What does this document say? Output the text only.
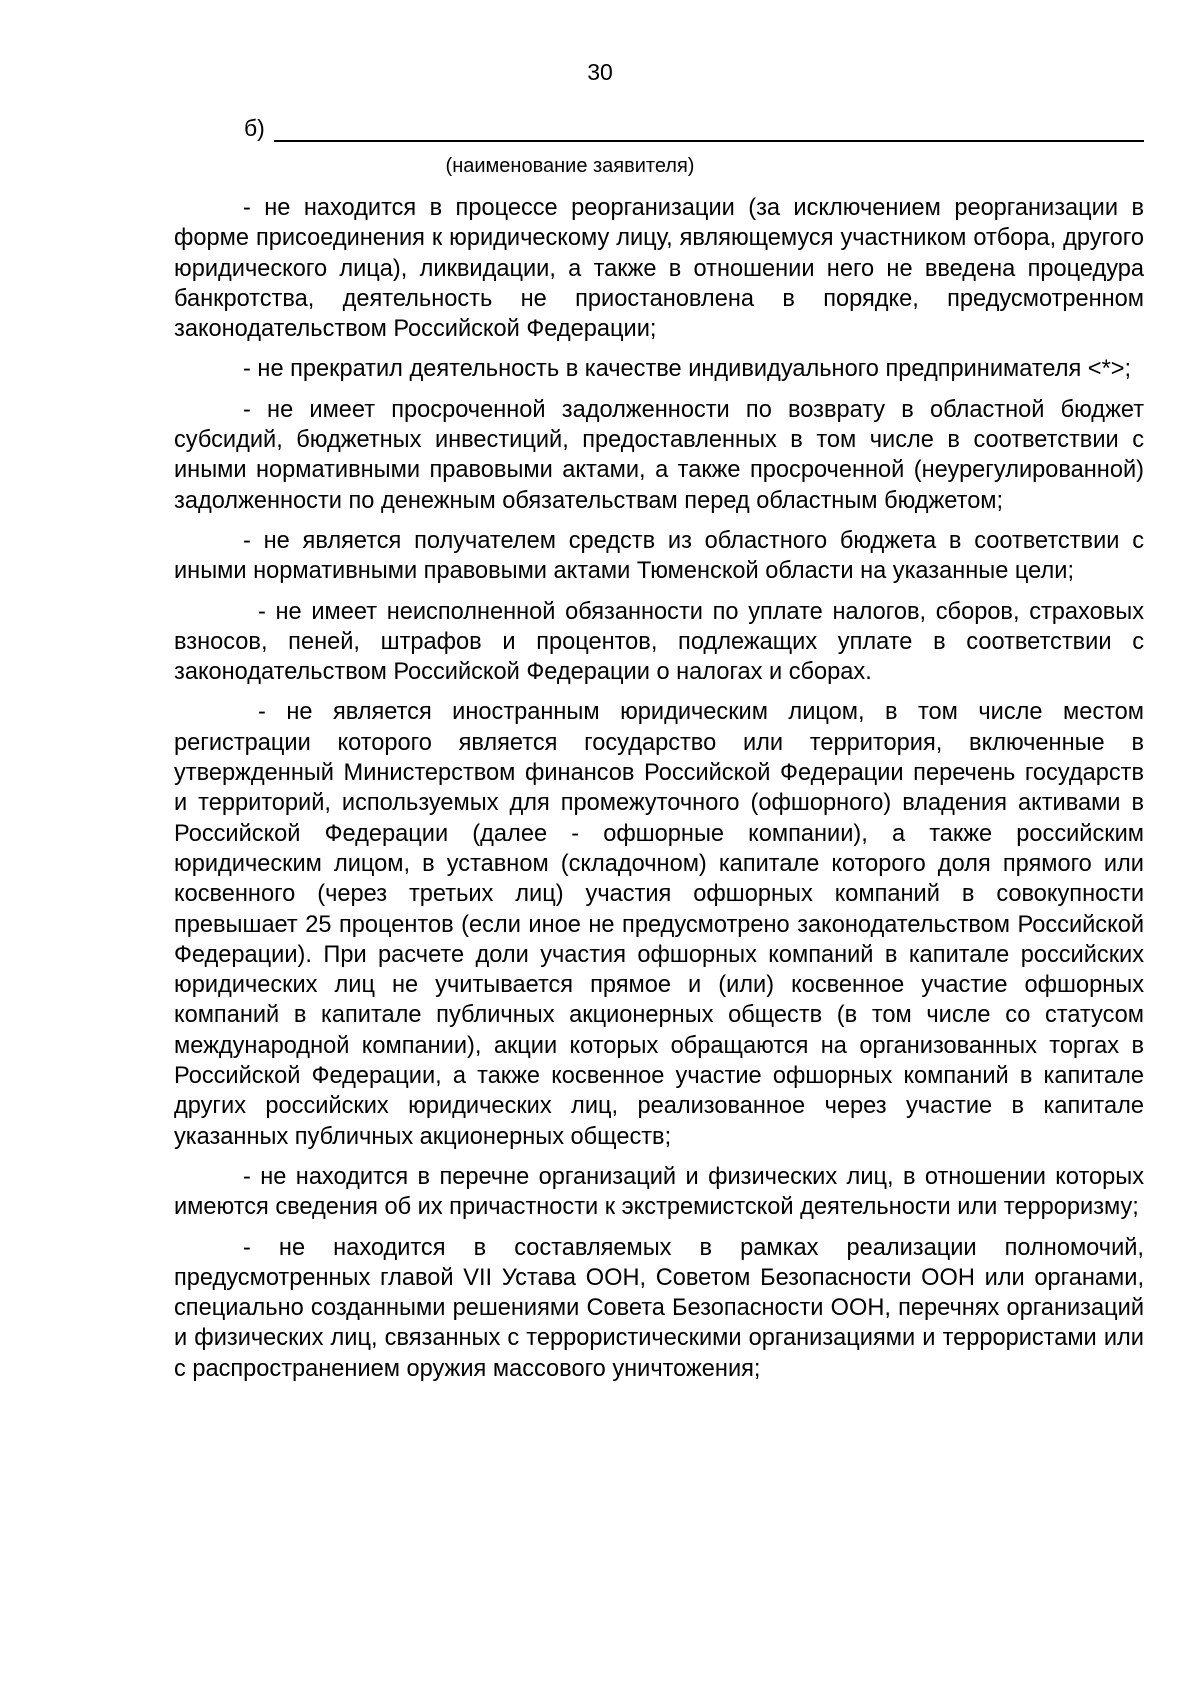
30
б)
(наименование заявителя)

- не находится в процессе реорганизации (за исключением реорганизации в форме присоединения к юридическому лицу, являющемуся участником отбора, другого юридического лица), ликвидации, а также в отношении него не введена процедура банкротства, деятельность не приостановлена в порядке, предусмотренном законодательством Российской Федерации;

- не прекратил деятельность в качестве индивидуального предпринимателя <*>;

- не имеет просроченной задолженности по возврату в областной бюджет субсидий, бюджетных инвестиций, предоставленных в том числе в соответствии с иными нормативными правовыми актами, а также просроченной (неурегулированной) задолженности по денежным обязательствам перед областным бюджетом;

- не является получателем средств из областного бюджета в соответствии с иными нормативными правовыми актами Тюменской области на указанные цели;

- не имеет неисполненной обязанности по уплате налогов, сборов, страховых взносов, пеней, штрафов и процентов, подлежащих уплате в соответствии с законодательством Российской Федерации о налогах и сборах.

- не является иностранным юридическим лицом, в том числе местом регистрации которого является государство или территория, включенные в утвержденный Министерством финансов Российской Федерации перечень государств и территорий, используемых для промежуточного (офшорного) владения активами в Российской Федерации (далее - офшорные компании), а также российским юридическим лицом, в уставном (складочном) капитале которого доля прямого или косвенного (через третьих лиц) участия офшорных компаний в совокупности превышает 25 процентов (если иное не предусмотрено законодательством Российской Федерации). При расчете доли участия офшорных компаний в капитале российских юридических лиц не учитывается прямое и (или) косвенное участие офшорных компаний в капитале публичных акционерных обществ (в том числе со статусом международной компании), акции которых обращаются на организованных торгах в Российской Федерации, а также косвенное участие офшорных компаний в капитале других российских юридических лиц, реализованное через участие в капитале указанных публичных акционерных обществ;

- не находится в перечне организаций и физических лиц, в отношении которых имеются сведения об их причастности к экстремистской деятельности или терроризму;

- не находится в составляемых в рамках реализации полномочий, предусмотренных главой VII Устава ООН, Советом Безопасности ООН или органами, специально созданными решениями Совета Безопасности ООН, перечнях организаций и физических лиц, связанных с террористическими организациями и террористами или с распространением оружия массового уничтожения;
